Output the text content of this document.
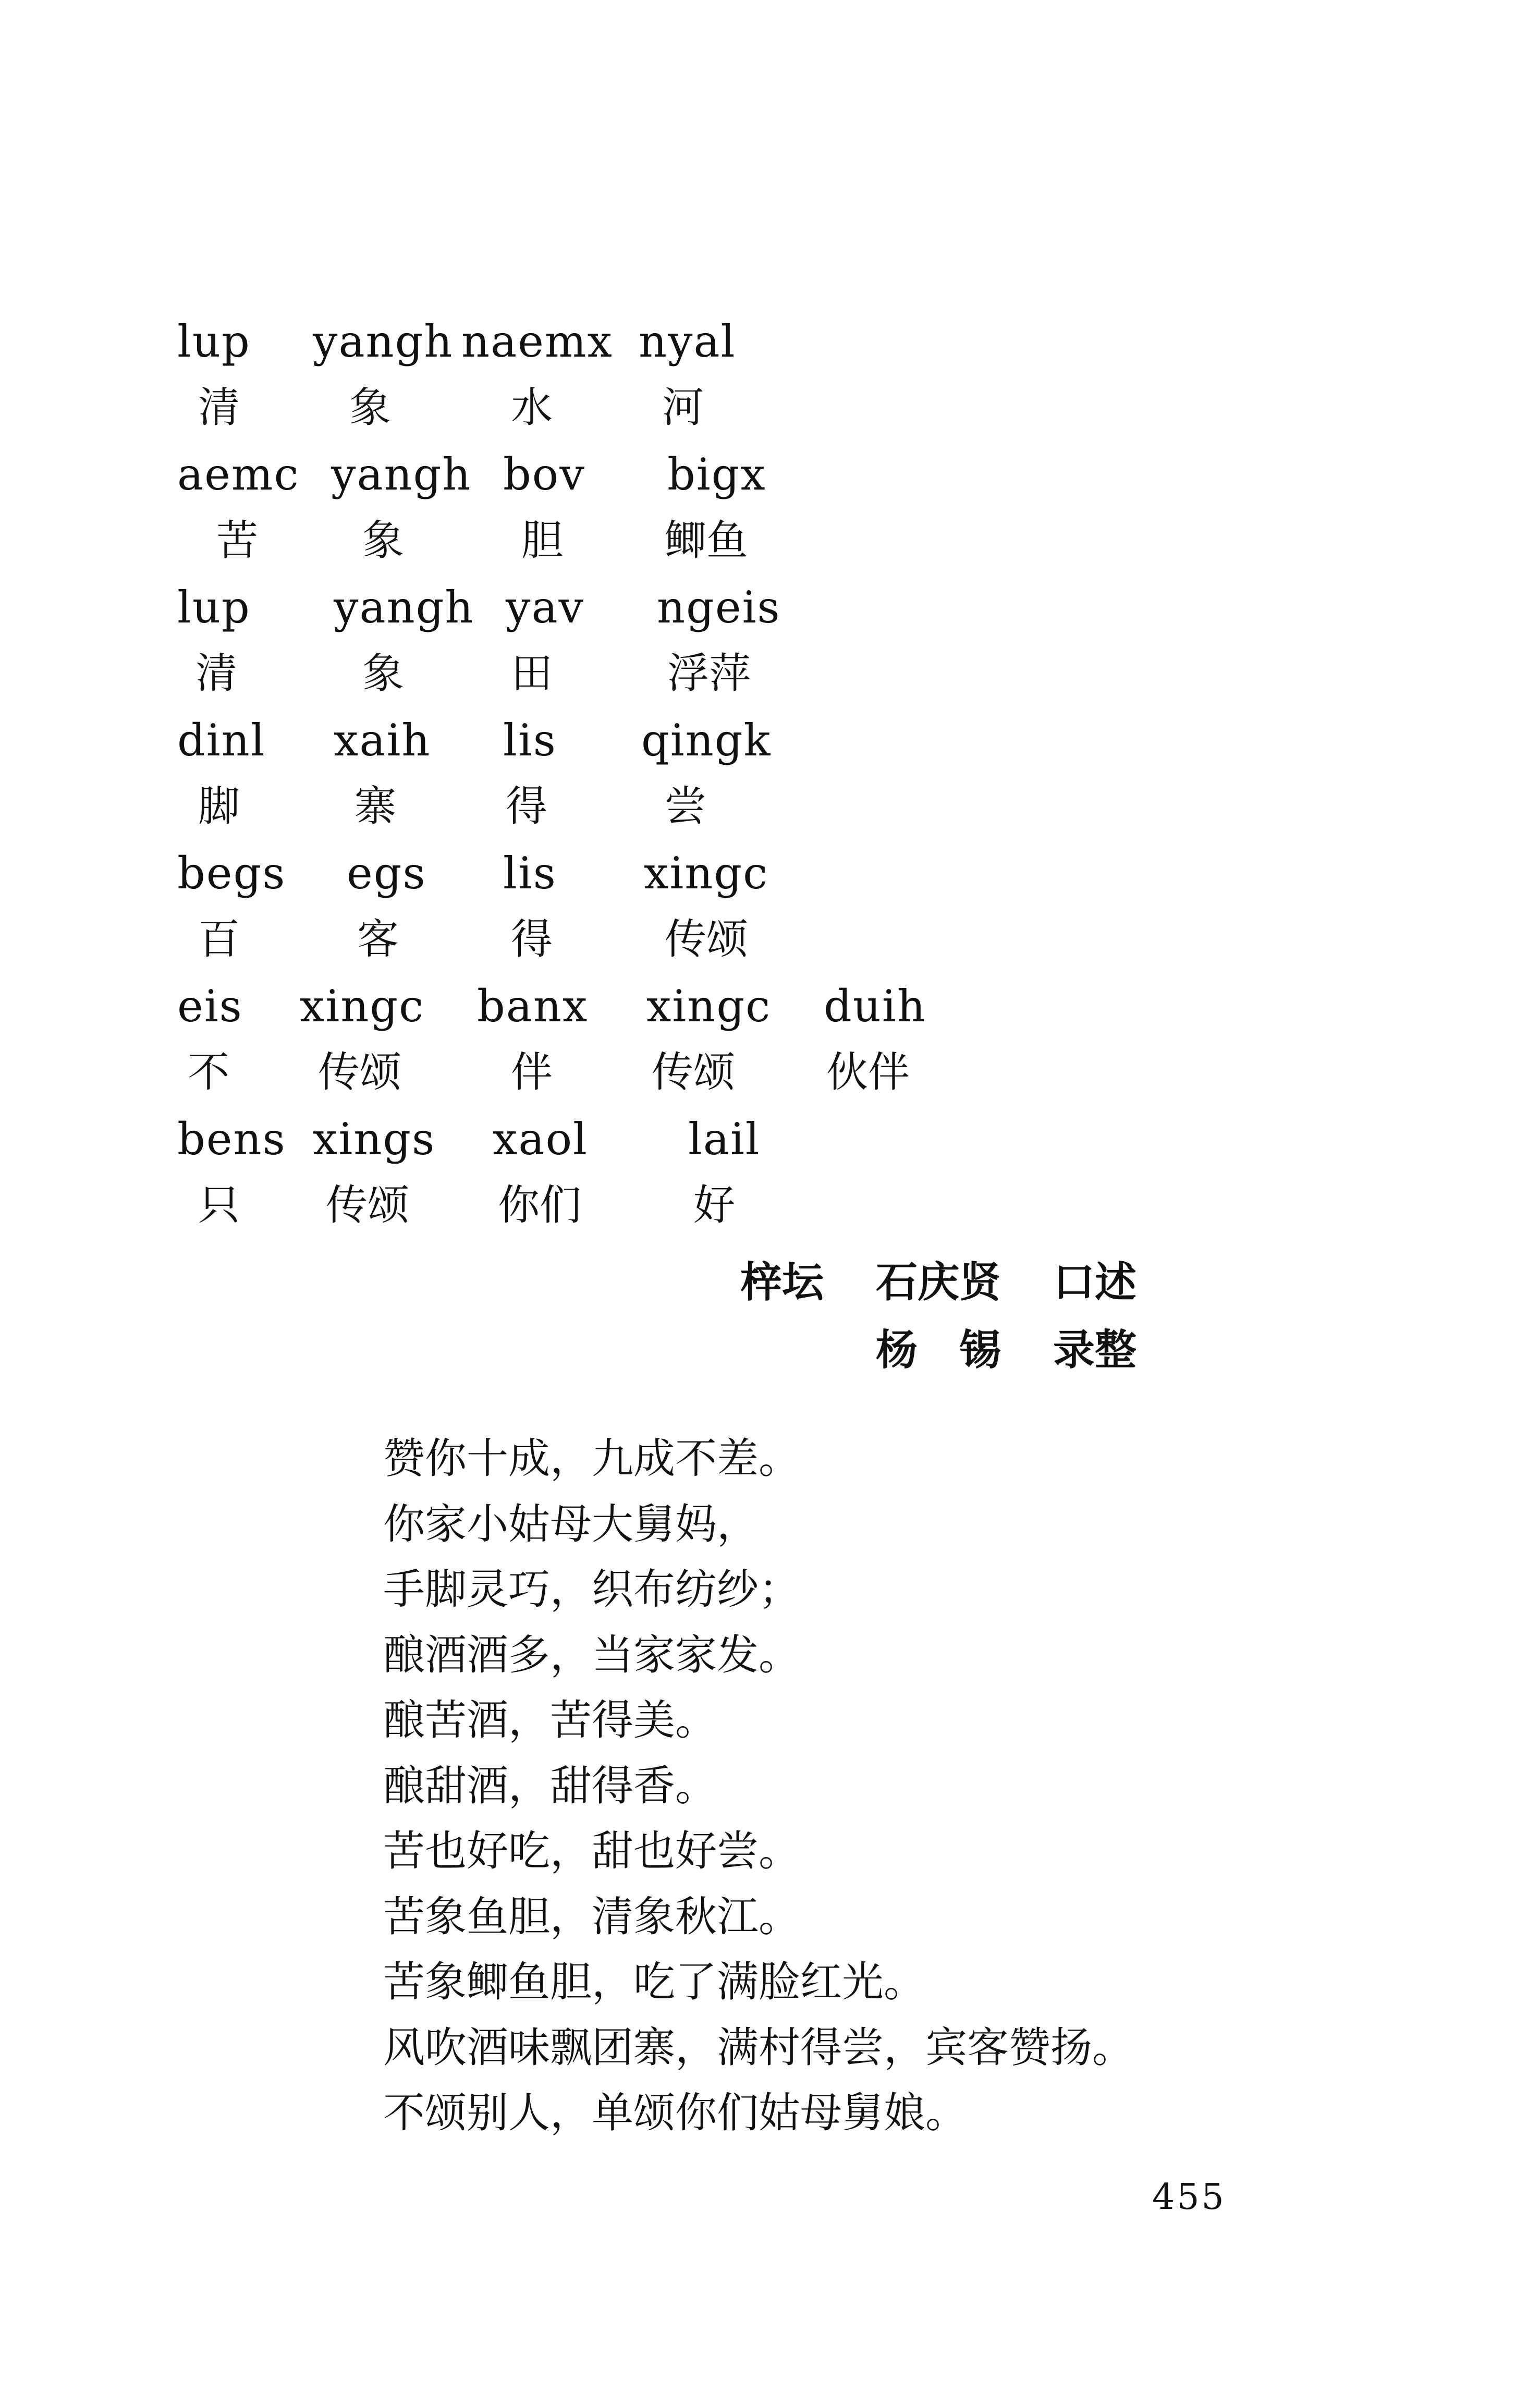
lup yangh naemx nyal
清	象	水	河
aemc yangh bov bigx
苦	象	胆 鲫鱼
lup yangh yav ngeis
清	象	田	浮萍
dinl xaih lis qingk
脚	寨	得	尝
begs egs lis xingc
百	客	得	传颂
eis xingc banx xingc duih
不 传颂	伴 传颂 伙伴
bens xings xaol lail
只 传颂 你们	好
梓坛 石庆贤 口述
杨　锡 录整
赞你十成，九成不差。
你家小姑母大舅妈，
手脚灵巧，织布纺纱；
酿酒酒多，当家家发。
酿苦酒，苦得美。
酿甜酒，甜得香。
苦也好吃，甜也好尝。
苦象鱼胆，清象秋江。
苦象鲫鱼胆，吃了满脸红光。
风吹酒味飘团寨，满村得尝，宾客赞扬。
不颂别人，单颂你们姑母舅娘。
455
